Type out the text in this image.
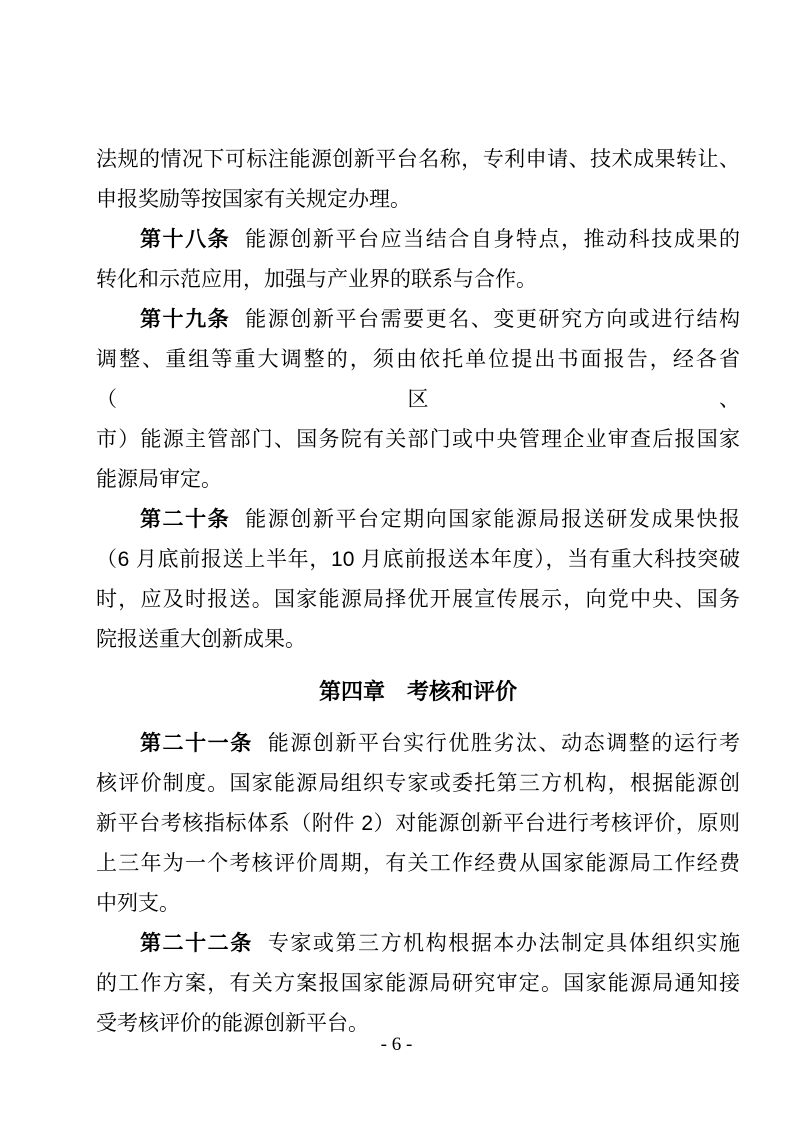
法规的情况下可标注能源创新平台名称，专利申请、技术成果转让、
申报奖励等按国家有关规定办理。
第十八条 能源创新平台应当结合自身特点，推动科技成果的
转化和示范应用，加强与产业界的联系与合作。
第十九条 能源创新平台需要更名、变更研究方向或进行结构
调整、重组等重大调整的，须由依托单位提出书面报告，经各省（区、
市）能源主管部门、国务院有关部门或中央管理企业审查后报国家
能源局审定。
第二十条 能源创新平台定期向国家能源局报送研发成果快报
（6 月底前报送上半年，10 月底前报送本年度），当有重大科技突破
时，应及时报送。国家能源局择优开展宣传展示，向党中央、国务
院报送重大创新成果。
第四章 考核和评价
第二十一条 能源创新平台实行优胜劣汰、动态调整的运行考
核评价制度。国家能源局组织专家或委托第三方机构，根据能源创
新平台考核指标体系（附件 2）对能源创新平台进行考核评价，原则
上三年为一个考核评价周期，有关工作经费从国家能源局工作经费
中列支。
第二十二条 专家或第三方机构根据本办法制定具体组织实施
的工作方案，有关方案报国家能源局研究审定。国家能源局通知接
受考核评价的能源创新平台。
- 6 -
